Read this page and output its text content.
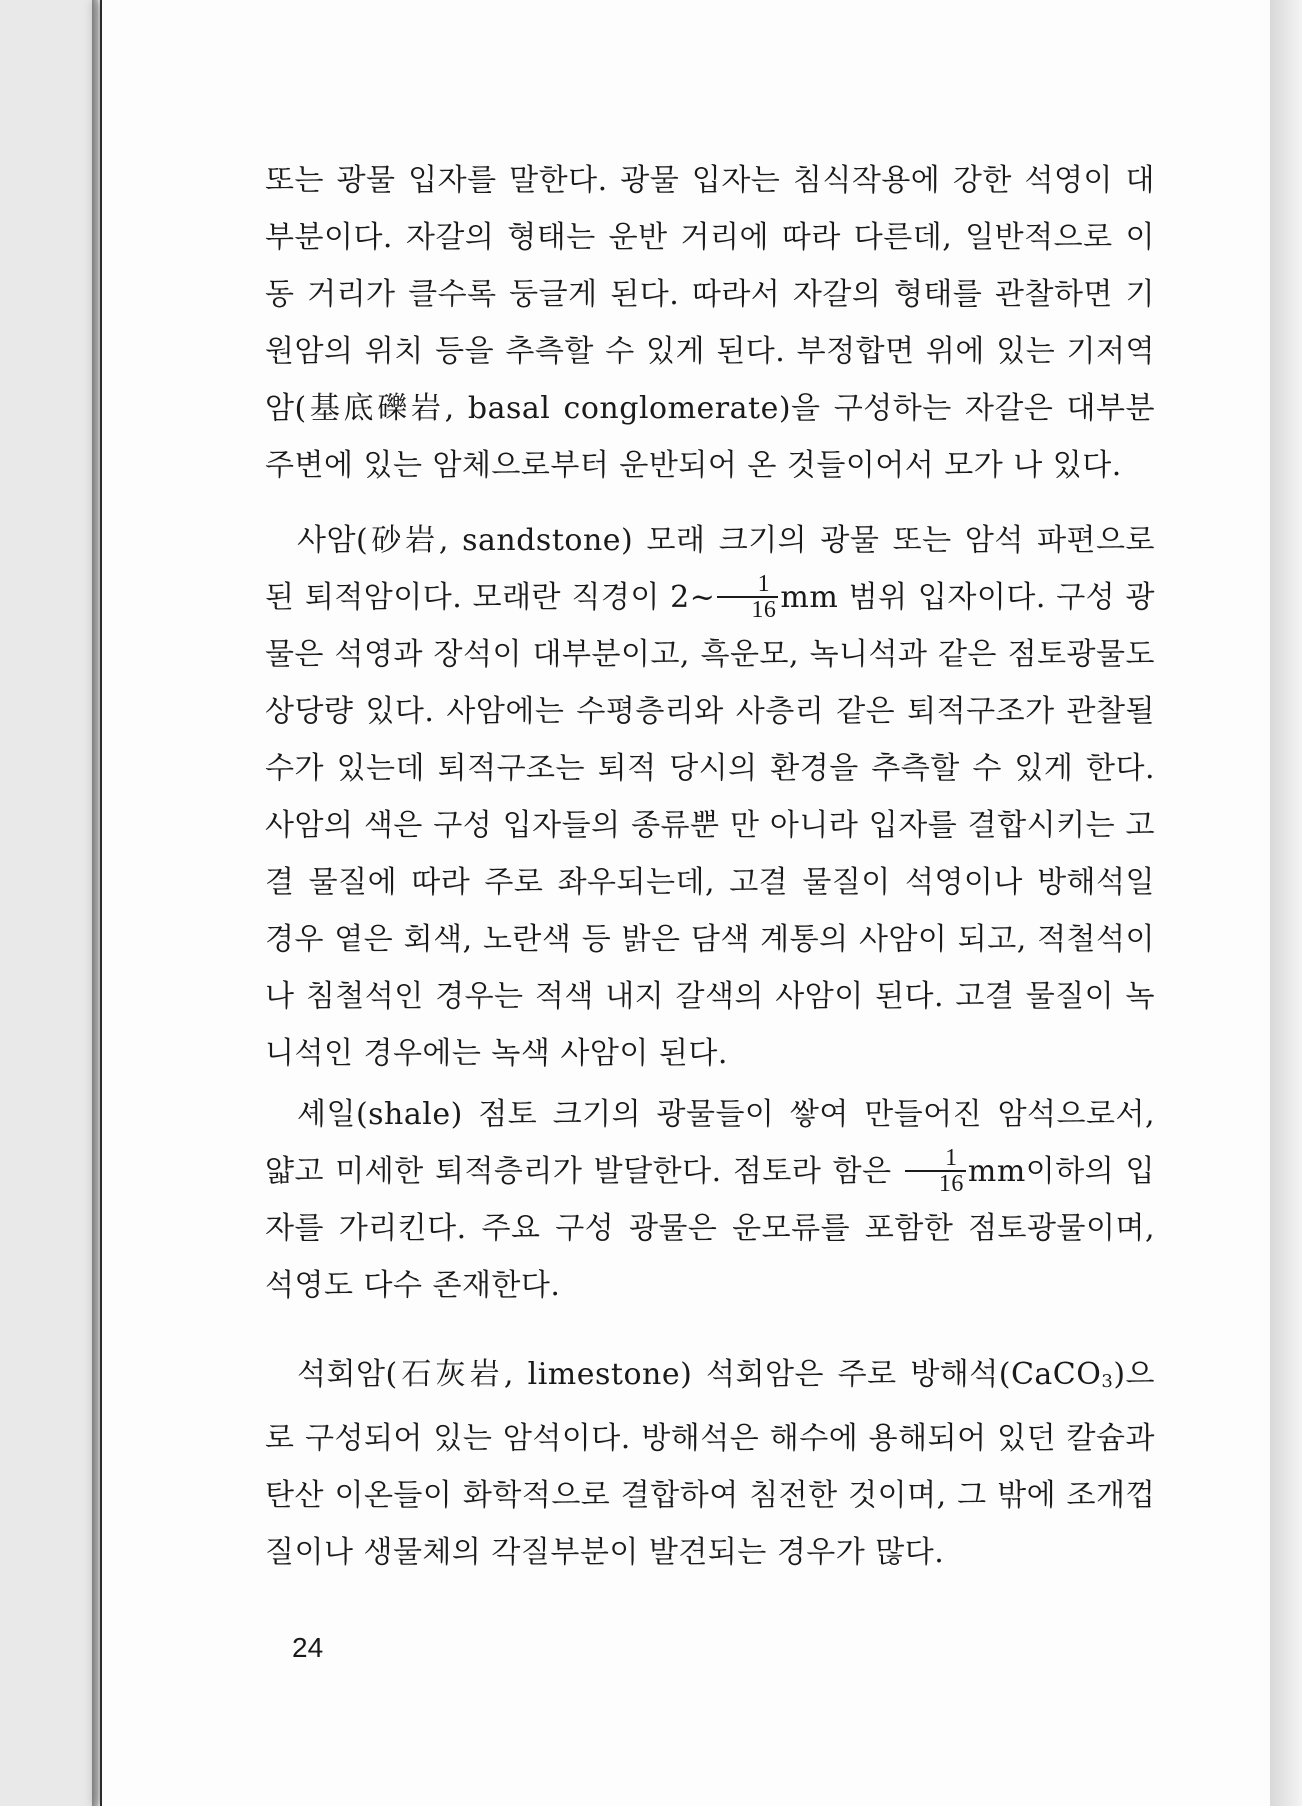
또는 광물 입자를 말한다. 광물 입자는 침식작용에 강한 석영이 대부분이다. 자갈의 형태는 운반 거리에 따라 다른데, 일반적으로 이동 거리가 클수록 둥글게 된다. 따라서 자갈의 형태를 관찰하면 기원암의 위치 등을 추측할 수 있게 된다. 부정합면 위에 있는 기저역암(基底礫岩, basal conglomerate)을 구성하는 자갈은 대부분 주변에 있는 암체으로부터 운반되어 온 것들이어서 모가 나 있다.

사암(砂岩, sandstone) 모래 크기의 광물 또는 암석 파편으로 된 퇴적암이다. 모래란 직경이 2~ $\frac{1}{16}$ mm 범위 입자이다. 구성 광물은 석영과 장석이 대부분이고, 흑운모, 녹니석과 같은 점토광물도 상당량 있다. 사암에는 수평층리와 사층리 같은 퇴적구조가 관찰될 수가 있는데 퇴적구조는 퇴적 당시의 환경을 추측할 수 있게 한다. 사암의 색은 구성 입자들의 종류뿐 만 아니라 입자를 결합시키는 고결 물질에 따라 주로 좌우되는데, 고결 물질이 석영이나 방해석일 경우 옅은 회색, 노란색 등 밝은 담색 계통의 사암이 되고, 적철석이나 침철석인 경우는 적색 내지 갈색의 사암이 된다. 고결 물질이 녹니석인 경우에는 녹색 사암이 된다.

셰일(shale) 점토 크기의 광물들이 쌓여 만들어진 암석으로서, 얇고 미세한 퇴적층리가 발달한다. 점토라 함은 $\frac{1}{16}$ mm이하의 입자를 가리킨다. 주요 구성 광물은 운모류를 포함한 점토광물이며, 석영도 다수 존재한다.

석회암(石灰岩, limestone) 석회암은 주로 방해석(CaCO3)으로 구성되어 있는 암석이다. 방해석은 해수에 용해되어 있던 칼슘과 탄산 이온들이 화학적으로 결합하여 침전한 것이며, 그 밖에 조개껍질이나 생물체의 각질부분이 발견되는 경우가 많다.

24
